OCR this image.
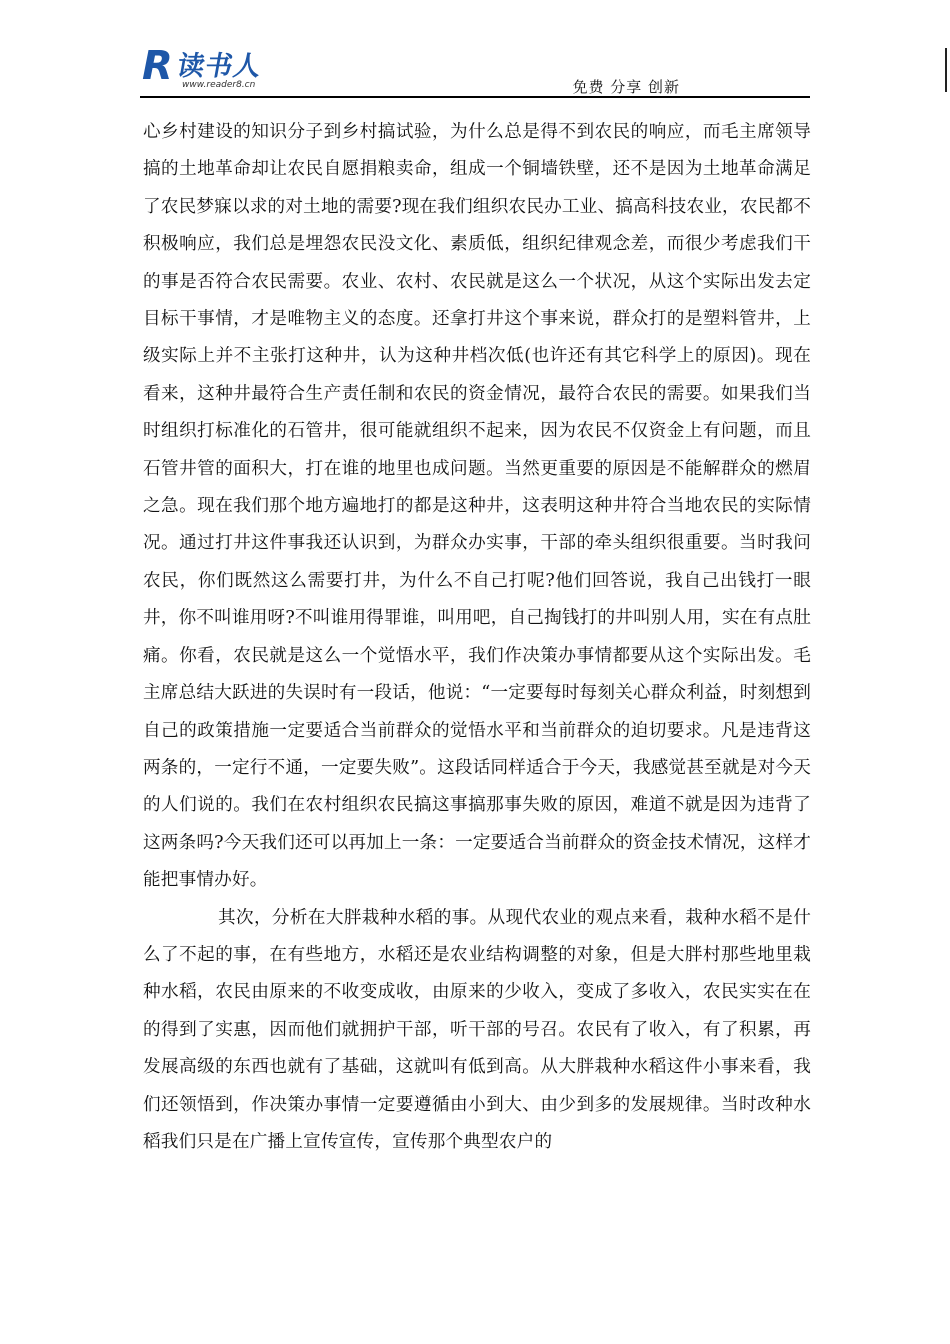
R 读书人
www.reader8.cn	免费 分享 创新

心乡村建设的知识分子到乡村搞试验，为什么总是得不到农民的响应，而毛主席领导搞的土地革命却让农民自愿捐粮卖命，组成一个铜墙铁壁，还不是因为土地革命满足了农民梦寐以求的对土地的需要?现在我们组织农民办工业、搞高科技农业，农民都不积极响应，我们总是埋怨农民没文化、素质低，组织纪律观念差，而很少考虑我们干的事是否符合农民需要。农业、农村、农民就是这么一个状况，从这个实际出发去定目标干事情，才是唯物主义的态度。还拿打井这个事来说，群众打的是塑料管井，上级实际上并不主张打这种井，认为这种井档次低(也许还有其它科学上的原因)。现在看来，这种井最符合生产责任制和农民的资金情况，最符合农民的需要。如果我们当时组织打标准化的石管井，很可能就组织不起来，因为农民不仅资金上有问题，而且石管井管的面积大，打在谁的地里也成问题。当然更重要的原因是不能解群众的燃眉之急。现在我们那个地方遍地打的都是这种井，这表明这种井符合当地农民的实际情况。通过打井这件事我还认识到，为群众办实事，干部的牵头组织很重要。当时我问农民，你们既然这么需要打井，为什么不自己打呢?他们回答说，我自己出钱打一眼井，你不叫谁用呀?不叫谁用得罪谁，叫用吧，自己掏钱打的井叫别人用，实在有点肚痛。你看，农民就是这么一个觉悟水平，我们作决策办事情都要从这个实际出发。毛主席总结大跃进的失误时有一段话，他说：“一定要每时每刻关心群众利益，时刻想到自己的政策措施一定要适合当前群众的觉悟水平和当前群众的迫切要求。凡是违背这两条的，一定行不通，一定要失败”。这段话同样适合于今天，我感觉甚至就是对今天的人们说的。我们在农村组织农民搞这事搞那事失败的原因，难道不就是因为违背了这两条吗?今天我们还可以再加上一条：一定要适合当前群众的资金技术情况，这样才能把事情办好。

其次，分析在大胖栽种水稻的事。从现代农业的观点来看，栽种水稻不是什么了不起的事，在有些地方，水稻还是农业结构调整的对象，但是大胖村那些地里栽种水稻，农民由原来的不收变成收，由原来的少收入，变成了多收入，农民实实在在的得到了实惠，因而他们就拥护干部，听干部的号召。农民有了收入，有了积累，再发展高级的东西也就有了基础，这就叫有低到高。从大胖栽种水稻这件小事来看，我们还领悟到，作决策办事情一定要遵循由小到大、由少到多的发展规律。当时改种水稻我们只是在广播上宣传宣传，宣传那个典型农户的
